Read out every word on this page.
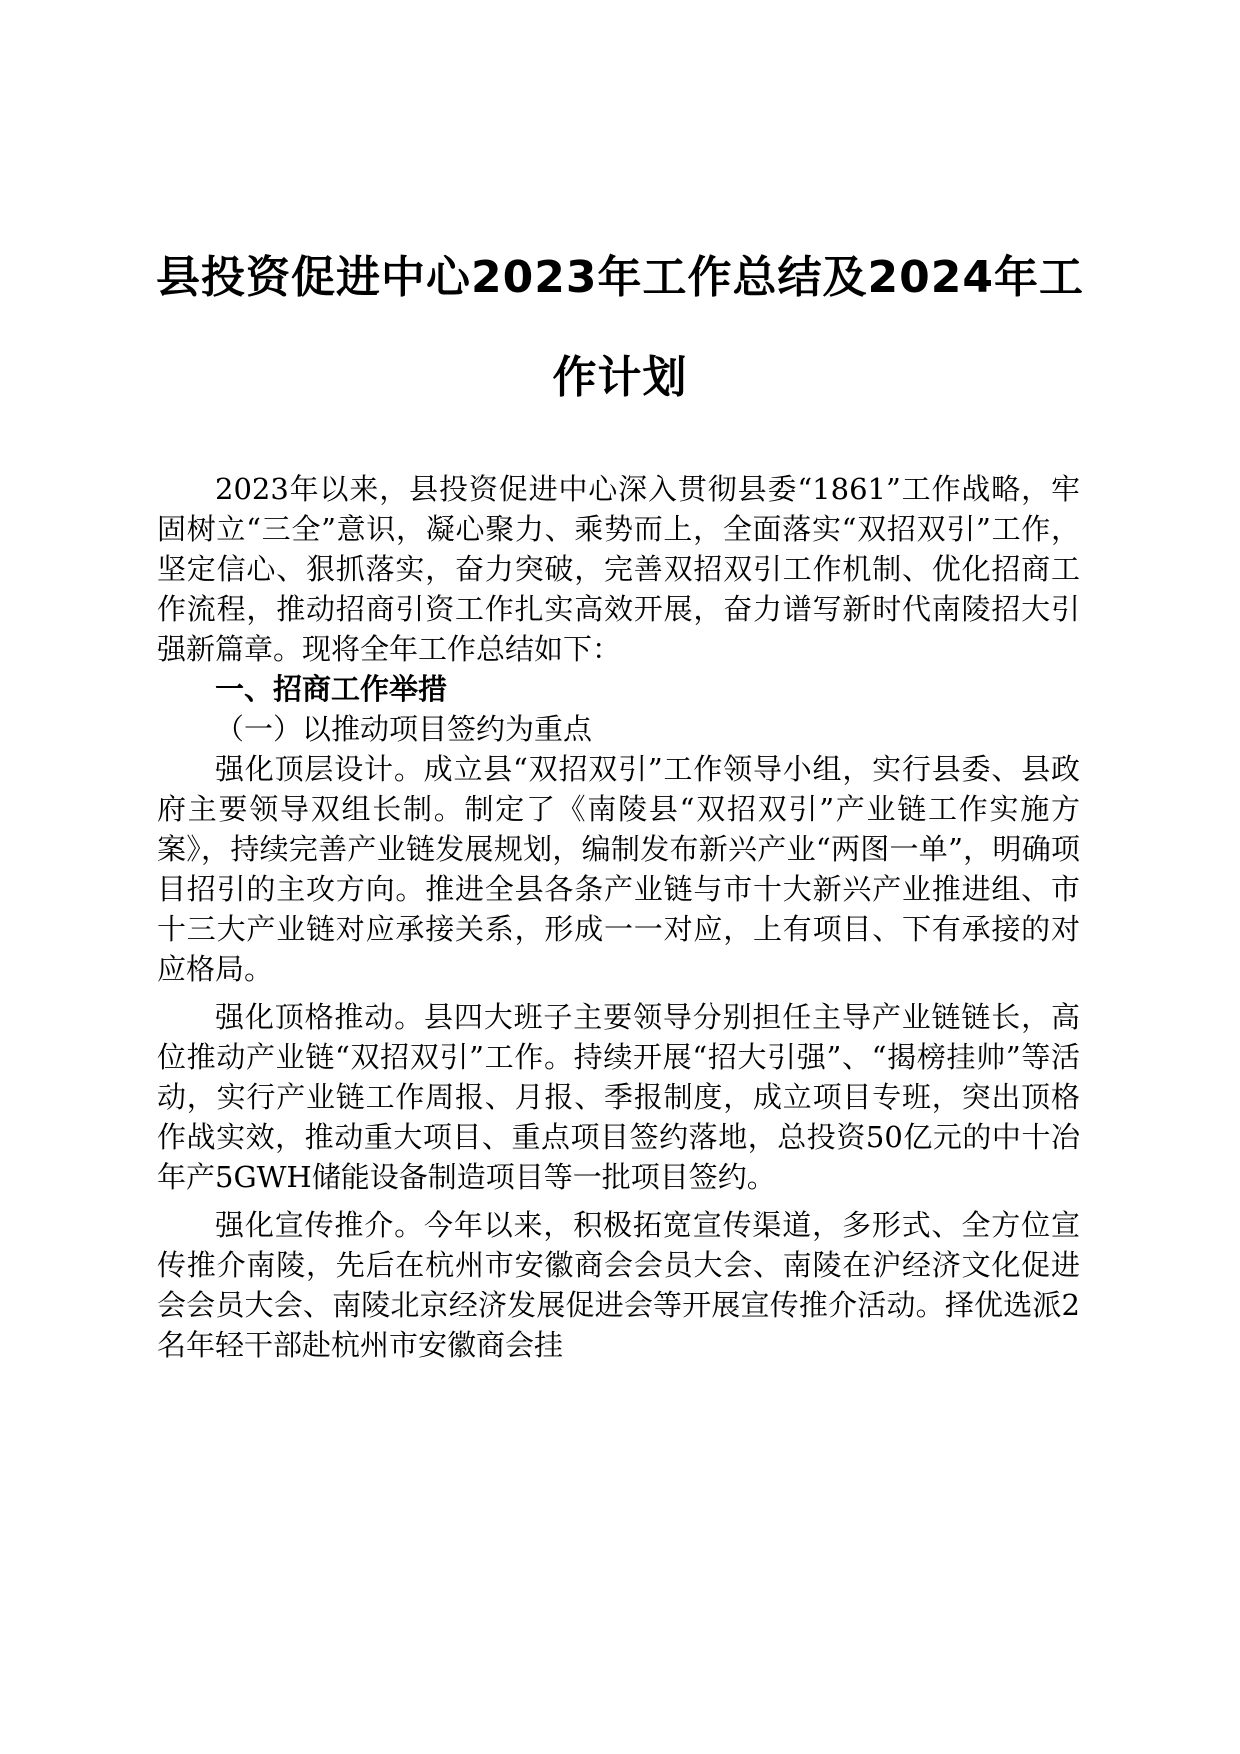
县投资促进中心2023年工作总结及2024年工作计划

2023年以来，县投资促进中心深入贯彻县委“1861”工作战略，牢固树立“三全”意识，凝心聚力、乘势而上，全面落实“双招双引”工作，坚定信心、狠抓落实，奋力突破，完善双招双引工作机制、优化招商工作流程，推动招商引资工作扎实高效开展，奋力谱写新时代南陵招大引强新篇章。现将全年工作总结如下：

一、招商工作举措

（一）以推动项目签约为重点

强化顶层设计。成立县“双招双引”工作领导小组，实行县委、县政府主要领导双组长制。制定了《南陵县“双招双引”产业链工作实施方案》，持续完善产业链发展规划，编制发布新兴产业“两图一单”，明确项目招引的主攻方向。推进全县各条产业链与市十大新兴产业推进组、市十三大产业链对应承接关系，形成一一对应，上有项目、下有承接的对应格局。

强化顶格推动。县四大班子主要领导分别担任主导产业链链长，高位推动产业链“双招双引”工作。持续开展“招大引强”、“揭榜挂帅”等活动，实行产业链工作周报、月报、季报制度，成立项目专班，突出顶格作战实效，推动重大项目、重点项目签约落地，总投资50亿元的中十冶年产5GWH储能设备制造项目等一批项目签约。

强化宣传推介。今年以来，积极拓宽宣传渠道，多形式、全方位宣传推介南陵，先后在杭州市安徽商会会员大会、南陵在沪经济文化促进会会员大会、南陵北京经济发展促进会等开展宣传推介活动。择优选派2名年轻干部赴杭州市安徽商会挂
